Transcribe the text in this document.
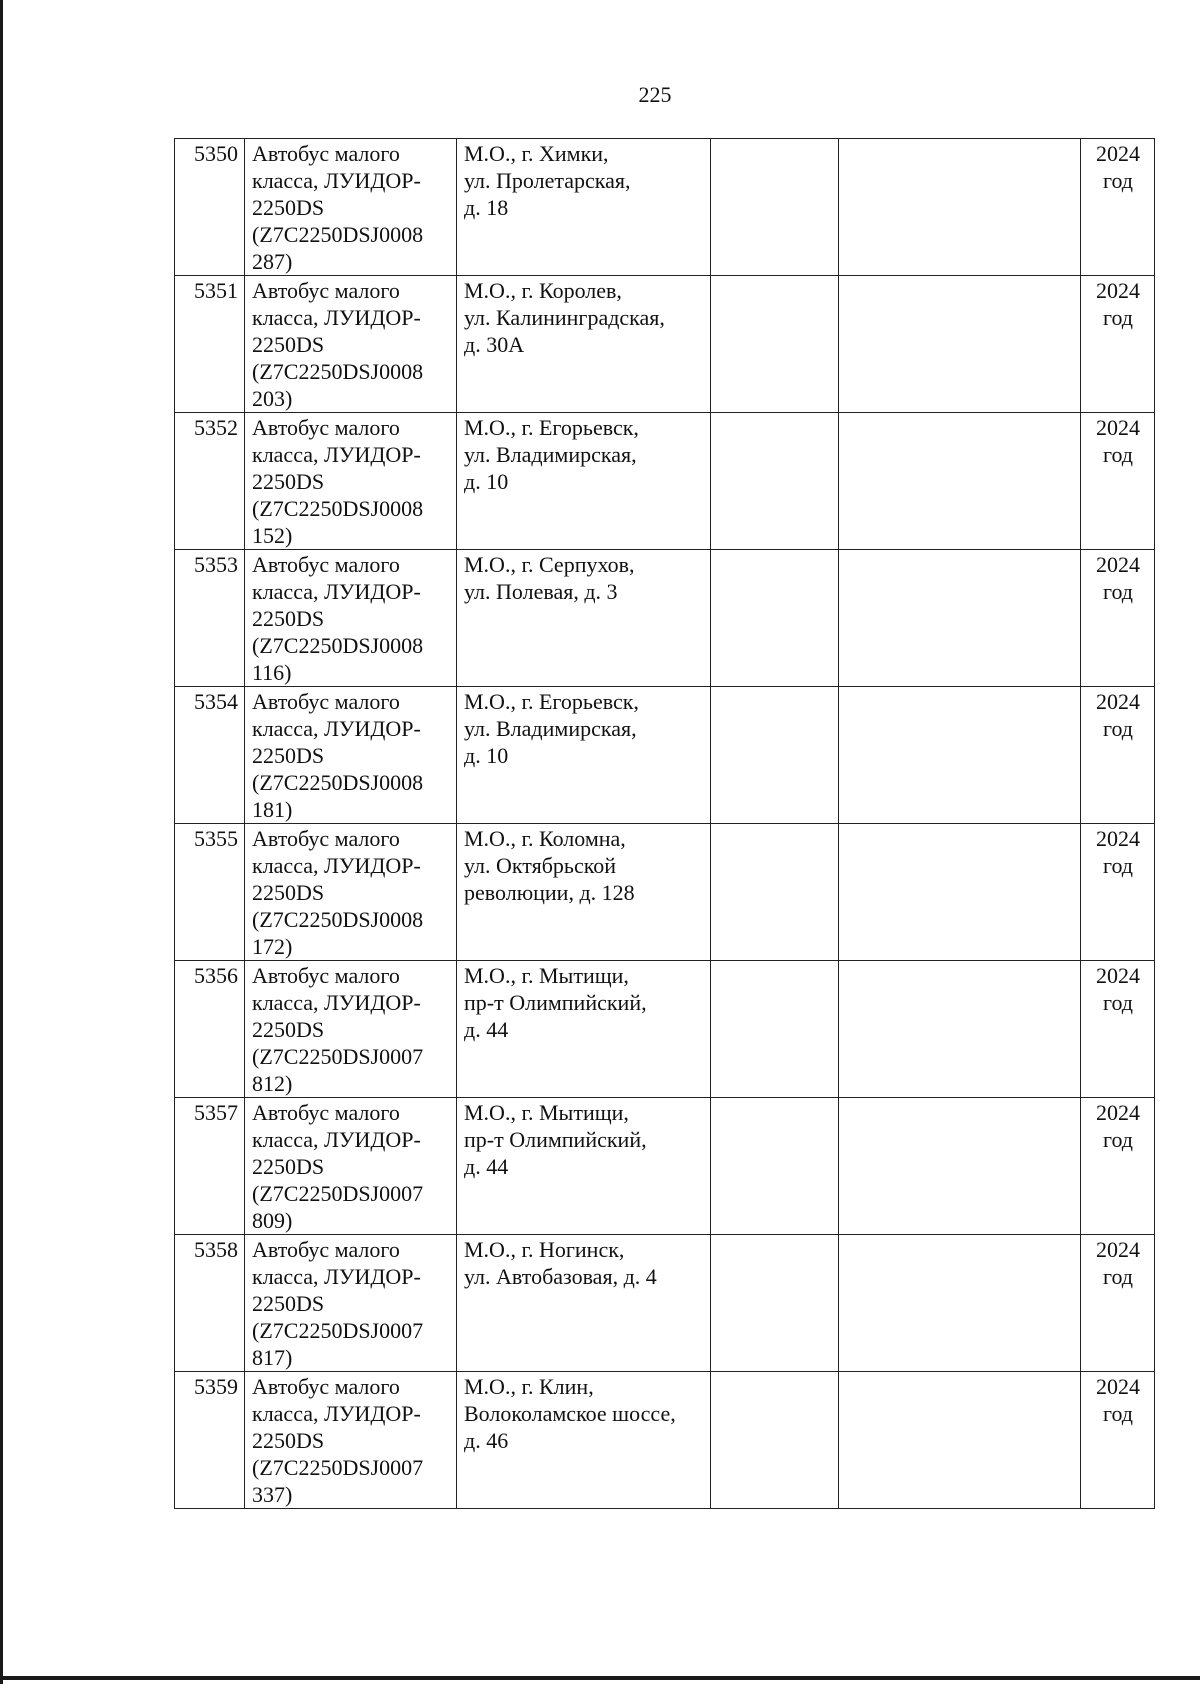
225
5350	Автобус малого
класса, ЛУИДОР-
2250DS
(Z7C2250DSJ0008
287)	М.О., г. Химки,
ул. Пролетарская,
д. 18			2024
год

5351	Автобус малого
класса, ЛУИДОР-
2250DS
(Z7C2250DSJ0008
203)	М.О., г. Королев,
ул. Калининградская,
д. 30А			2024
год

5352	Автобус малого
класса, ЛУИДОР-
2250DS
(Z7C2250DSJ0008
152)	М.О., г. Егорьевск,
ул. Владимирская,
д. 10			2024
год

5353	Автобус малого
класса, ЛУИДОР-
2250DS
(Z7C2250DSJ0008
116)	М.О., г. Серпухов,
ул. Полевая, д. 3			2024
год

5354	Автобус малого
класса, ЛУИДОР-
2250DS
(Z7C2250DSJ0008
181)	М.О., г. Егорьевск,
ул. Владимирская,
д. 10			2024
год

5355	Автобус малого
класса, ЛУИДОР-
2250DS
(Z7C2250DSJ0008
172)	М.О., г. Коломна,
ул. Октябрьской
революции, д. 128			2024
год

5356	Автобус малого
класса, ЛУИДОР-
2250DS
(Z7C2250DSJ0007
812)	М.О., г. Мытищи,
пр-т Олимпийский,
д. 44			2024
год

5357	Автобус малого
класса, ЛУИДОР-
2250DS
(Z7C2250DSJ0007
809)	М.О., г. Мытищи,
пр-т Олимпийский,
д. 44			2024
год

5358	Автобус малого
класса, ЛУИДОР-
2250DS
(Z7C2250DSJ0007
817)	М.О., г. Ногинск,
ул. Автобазовая, д. 4			2024
год

5359	Автобус малого
класса, ЛУИДОР-
2250DS
(Z7C2250DSJ0007
337)	М.О., г. Клин,
Волоколамское шоссе,
д. 46			2024
год
